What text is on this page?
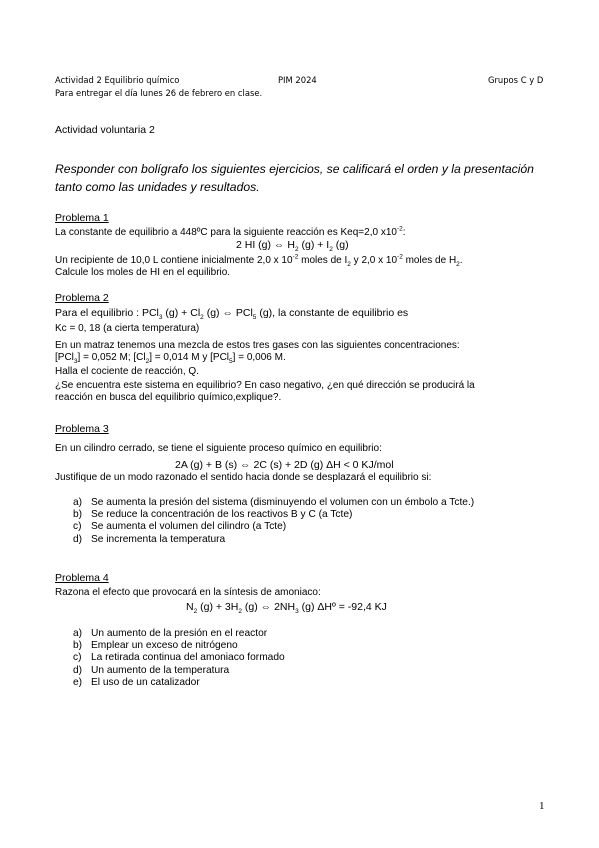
Actividad 2 Equilibrio químico	PIM 2024	Grupos C y D
Para entregar el día lunes 26 de febrero en clase.
Actividad voluntaria 2
Responder con bolígrafo los siguientes ejercicios, se calificará el orden y la presentación tanto como las unidades y resultados.
Problema 1
La constante de equilibrio a 448ºC para la siguiente reacción es Keq=2,0 $x10^{-2}$:
2 HI (g) ⇔ $H_2$ $(g) + I_2$ (g)
Un recipiente de 10,0 L contiene inicialmente 2,0 x $10^{-2}$ moles de $I_2$ y 2,0 x $10^{-2}$ moles de $H_2$.
Calcule los moles de HI en el equilibrio.
Problema 2
Para el equilibrio : PCl$_3$ $(g) + Cl_2$ (g) ⇔ PCl$_5$ (g), la constante de equilibrio es
Kc = 0, 18 (a cierta temperatura)
En un matraz tenemos una mezcla de estos tres gases con las siguientes concentraciones:
[PCl$_3$] = 0,052 M; $[Cl_2] = 0,014$ M y [PCl$_5$] = 0,006 M.
Halla el cociente de reacción, Q.
¿Se encuentra este sistema en equilibrio? En caso negativo, ¿en qué dirección se producirá la
reacción en busca del equilibrio químico,explique?.
Problema 3
En un cilindro cerrado, se tiene el siguiente proceso químico en equilibrio:
2A (g) + B (s) ⇔ 2C (s) + 2D (g) ΔH < 0 KJ/mol
Justifique de un modo razonado el sentido hacia donde se desplazará el equilibrio si:
a) Se aumenta la presión del sistema (disminuyendo el volumen con un émbolo a Tcte.)
b) Se reduce la concentración de los reactivos B y C (a Tcte)
c) Se aumenta el volumen del cilindro (a Tcte)
d) Se incrementa la temperatura
Problema 4
Razona el efecto que provocará en la síntesis de amoniaco:
$N_2$ $(g) + 3H_2$ (g) ⇔ $2NH_3$ (g) ΔHº = -92,4 KJ
a) Un aumento de la presión en el reactor
b) Emplear un exceso de nitrógeno
c) La retirada continua del amoniaco formado
d) Un aumento de la temperatura
e) El uso de un catalizador
1
